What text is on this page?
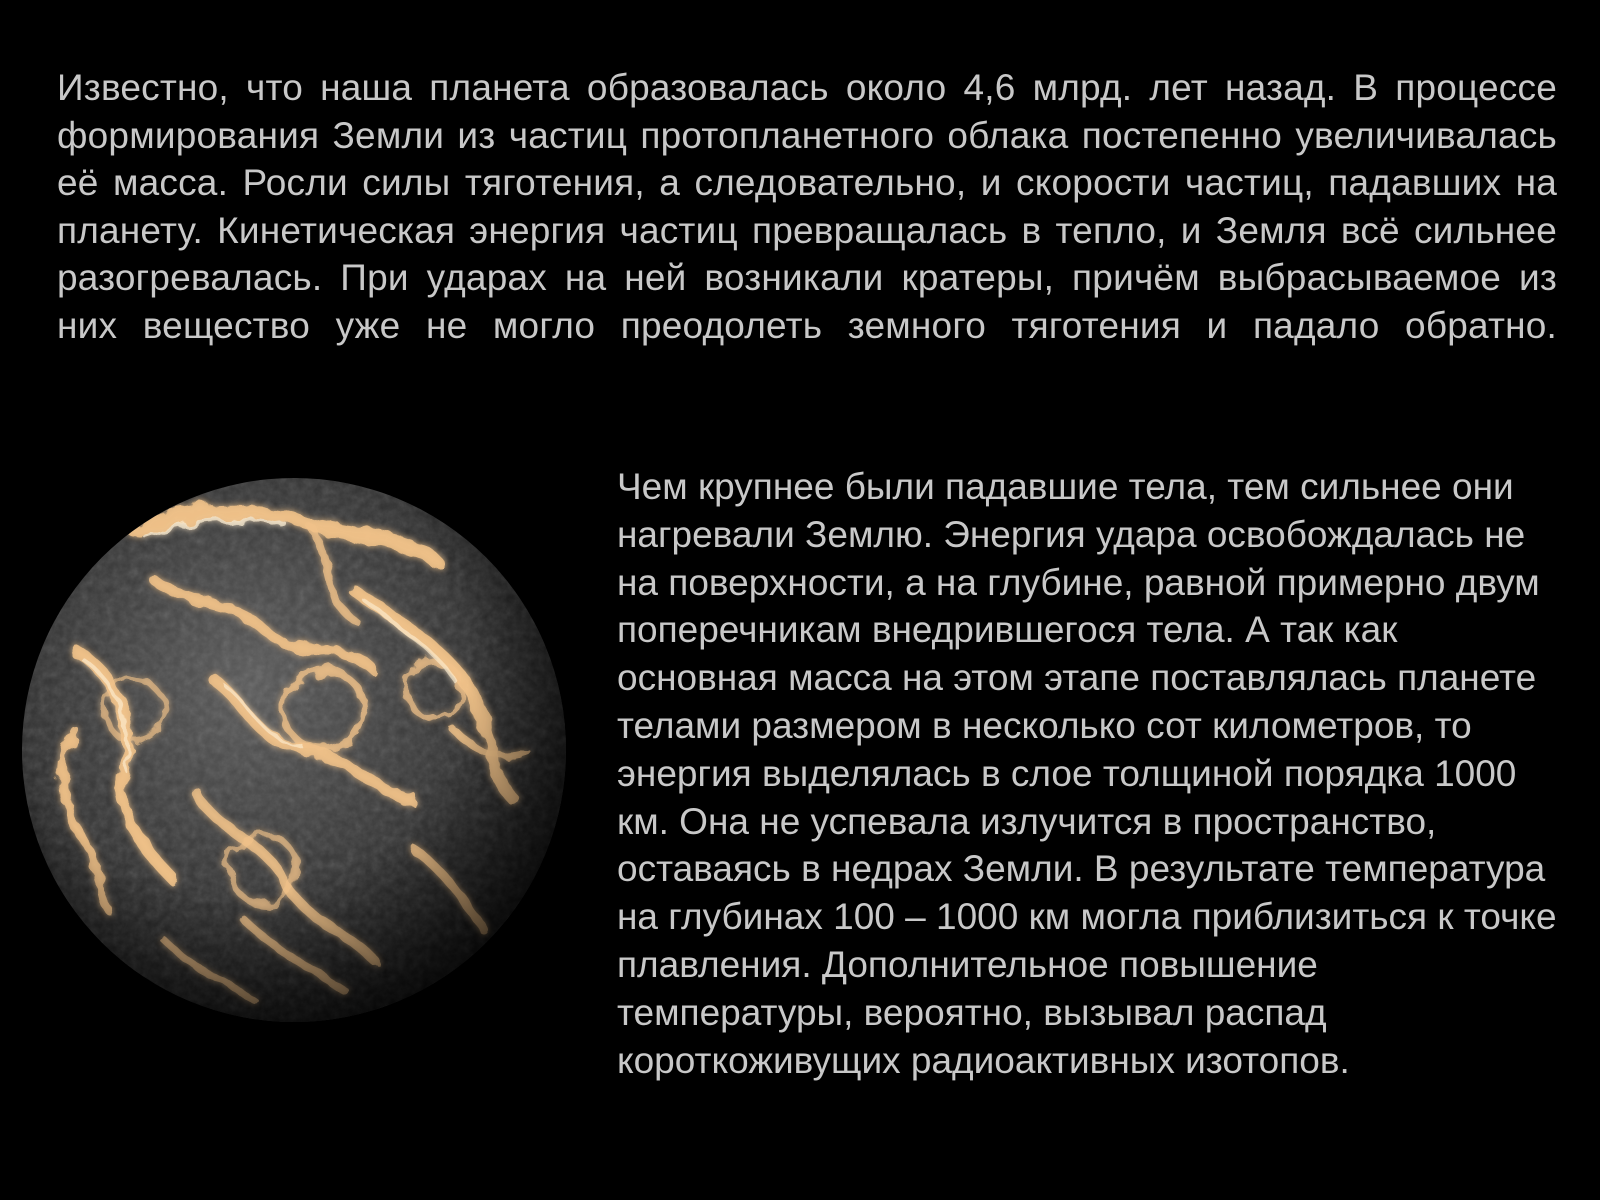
Известно, что наша планета образовалась около 4,6 млрд. лет назад. В процессе формирования Земли из частиц протопланетного облака постепенно увеличивалась её масса. Росли силы тяготения, а следовательно, и скорости частиц, падавших на планету. Кинетическая энергия частиц превращалась в тепло, и Земля всё сильнее разогревалась. При ударах на ней возникали кратеры, причём выбрасываемое из них вещество уже не могло преодолеть земного тяготения и падало обратно.

Чем крупнее были падавшие тела, тем сильнее они нагревали Землю. Энергия удара освобождалась не на поверхности, а на глубине, равной примерно двум поперечникам внедрившегося тела. А так как основная масса на этом этапе поставлялась планете телами размером в несколько сот километров, то энергия выделялась в слое толщиной порядка 1000 км. Она не успевала излучится в пространство, оставаясь в недрах Земли. В результате температура на глубинах 100 – 1000 км могла приблизиться к точке плавления. Дополнительное повышение температуры, вероятно, вызывал распад короткоживущих радиоактивных изотопов.
